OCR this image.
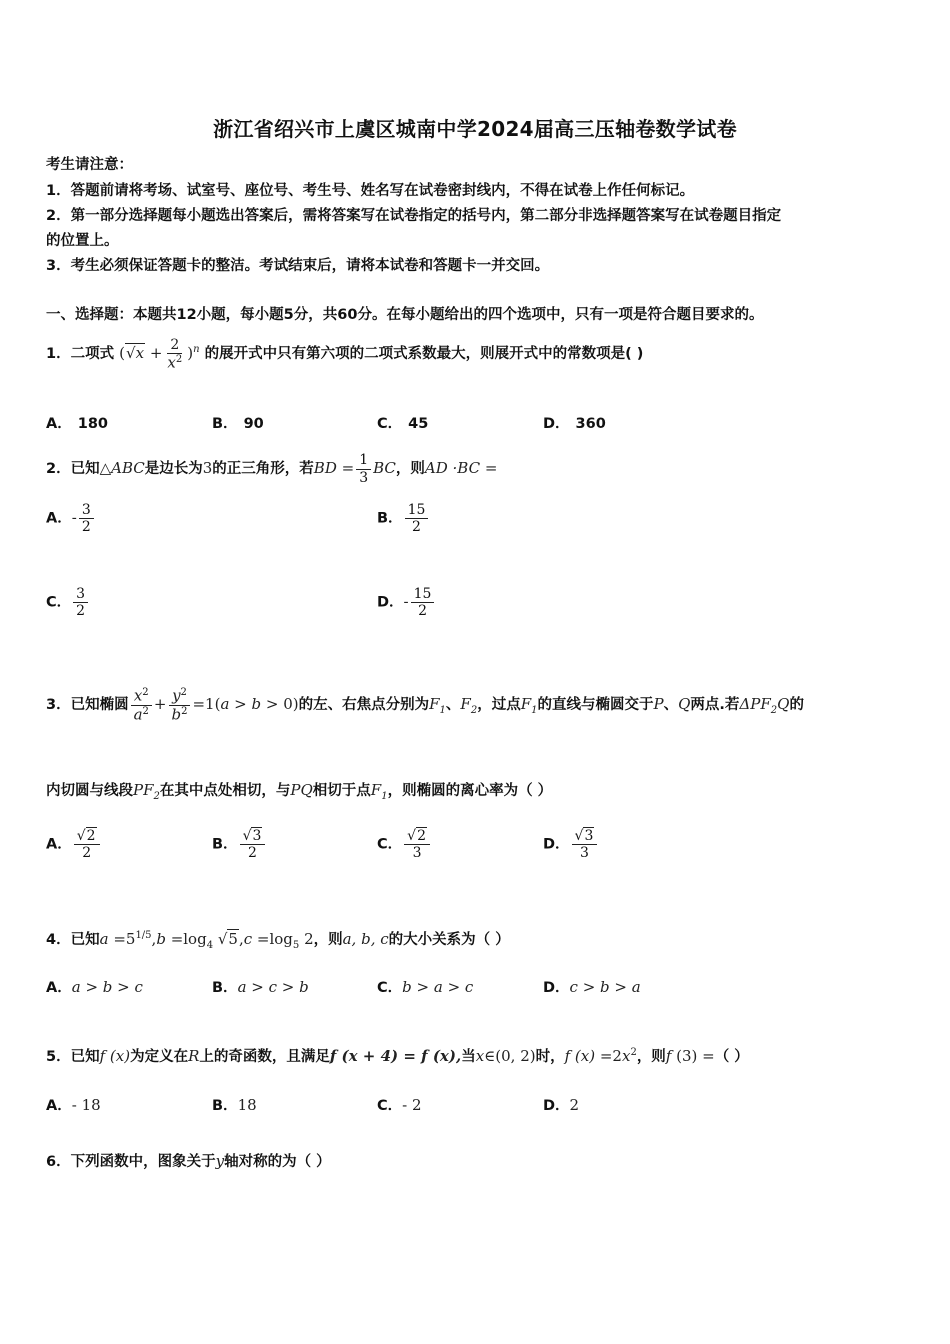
浙江省绍兴市上虞区城南中学2024届高三压轴卷数学试卷
考生请注意：
1．答题前请将考场、试室号、座位号、考生号、姓名写在试卷密封线内，不得在试卷上作任何标记。
2．第一部分选择题每小题选出答案后，需将答案写在试卷指定的括号内，第二部分非选择题答案写在试卷题目指定
的位置上。
3．考生必须保证答题卡的整洁。考试结束后，请将本试卷和答题卡一并交回。
一、选择题：本题共12小题，每小题5分，共60分。在每小题给出的四个选项中，只有一项是符合题目要求的。
1．二项式 $(√x + \frac{2}{x^2} )^n$ 的展开式中只有第六项的二项式系数最大，则展开式中的常数项是( )
A． 180	B． 90	C． 45	D． 360
2．已知△ABC是边长为3的正三角形，若BD = $\frac{1}{3}$ BC，则AD ·BC =
A．- $\frac{3}{2}$	B． $\frac{15}{2}$
C． $\frac{3}{2}$	D．- $\frac{15}{2}$
3．已知椭圆 $\frac{x^2}{a^2} + \frac{y^2}{b^2} =1(a > b > 0)$的左、右焦点分别为$F_1$、$F_2$，过点$F_1$的直线与椭圆交于P、Q两点.若$\Delta PF_2Q$的
内切圆与线段$PF_2$在其中点处相切，与PQ相切于点$F_1$，则椭圆的离心率为（ ）
A． $\frac{√2}{2}$	B． $\frac{√3}{2}$	C． $\frac{√2}{3}$	D． $\frac{√3}{3}$
4．已知$a =5^{1/5},b =\log_4$ $√5,c =\log_5$ 2，则a, b, c的大小关系为（ ）
A．a > b > c	B．a > c > b	C．b > a > c	D．c > b > a
5．已知f (x)为定义在R上的奇函数，且满足f (x + 4) = f (x),当x∈(0, 2)时，f $(x) =2x^2$，则f (3) =（ ）
A．- 18	B．18	C．- 2	D．2
6．下列函数中，图象关于y轴对称的为（ ）
